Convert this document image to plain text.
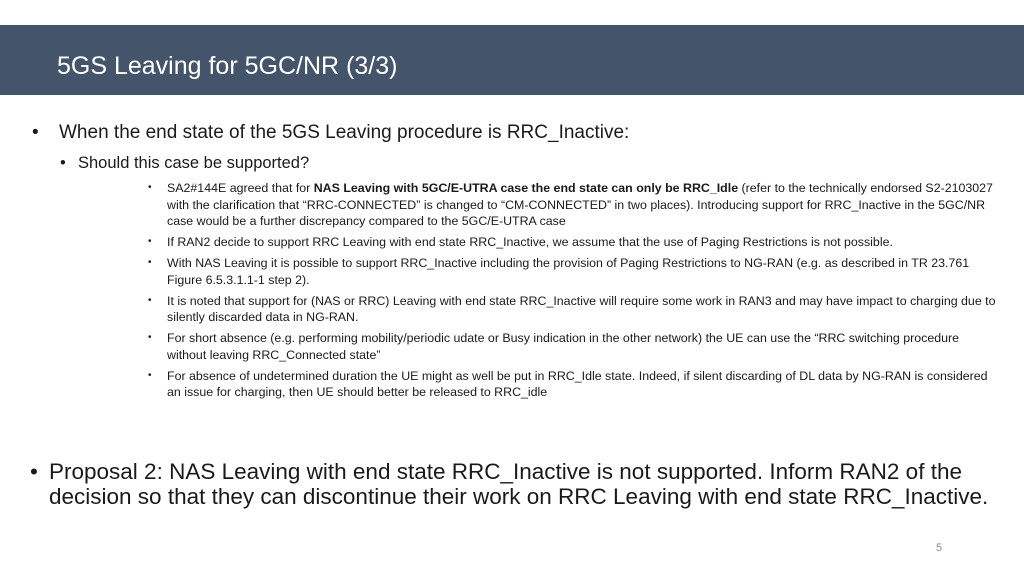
5GS Leaving for 5GC/NR (3/3)
•	When the end state of the 5GS Leaving procedure is RRC_Inactive:
• Should this case be supported?
•	SA2#144E agreed that for NAS Leaving with 5GC/E-UTRA case the end state can only be RRC_Idle (refer to the technically endorsed S2-2103027 with the clarification that “RRC-CONNECTED” is changed to “CM-CONNECTED” in two places). Introducing support for RRC_Inactive in the 5GC/NR case would be a further discrepancy compared to the 5GC/E-UTRA case
•	If RAN2 decide to support RRC Leaving with end state RRC_Inactive, we assume that the use of Paging Restrictions is not possible.
•	With NAS Leaving it is possible to support RRC_Inactive including the provision of Paging Restrictions to NG-RAN (e.g. as described in TR 23.761 Figure 6.5.3.1.1-1 step 2).
•	It is noted that support for (NAS or RRC) Leaving with end state RRC_Inactive will require some work in RAN3 and may have impact to charging due to silently discarded data in NG-RAN.
•	For short absence (e.g. performing mobility/periodic udate or Busy indication in the other network) the UE can use the “RRC switching procedure without leaving RRC_Connected state”
•	For absence of undetermined duration the UE might as well be put in RRC_Idle state. Indeed, if silent discarding of DL data by NG-RAN is considered an issue for charging, then UE should better be released to RRC_idle
• Proposal 2: NAS Leaving with end state RRC_Inactive is not supported. Inform RAN2 of the decision so that they can discontinue their work on RRC Leaving with end state RRC_Inactive.
5
